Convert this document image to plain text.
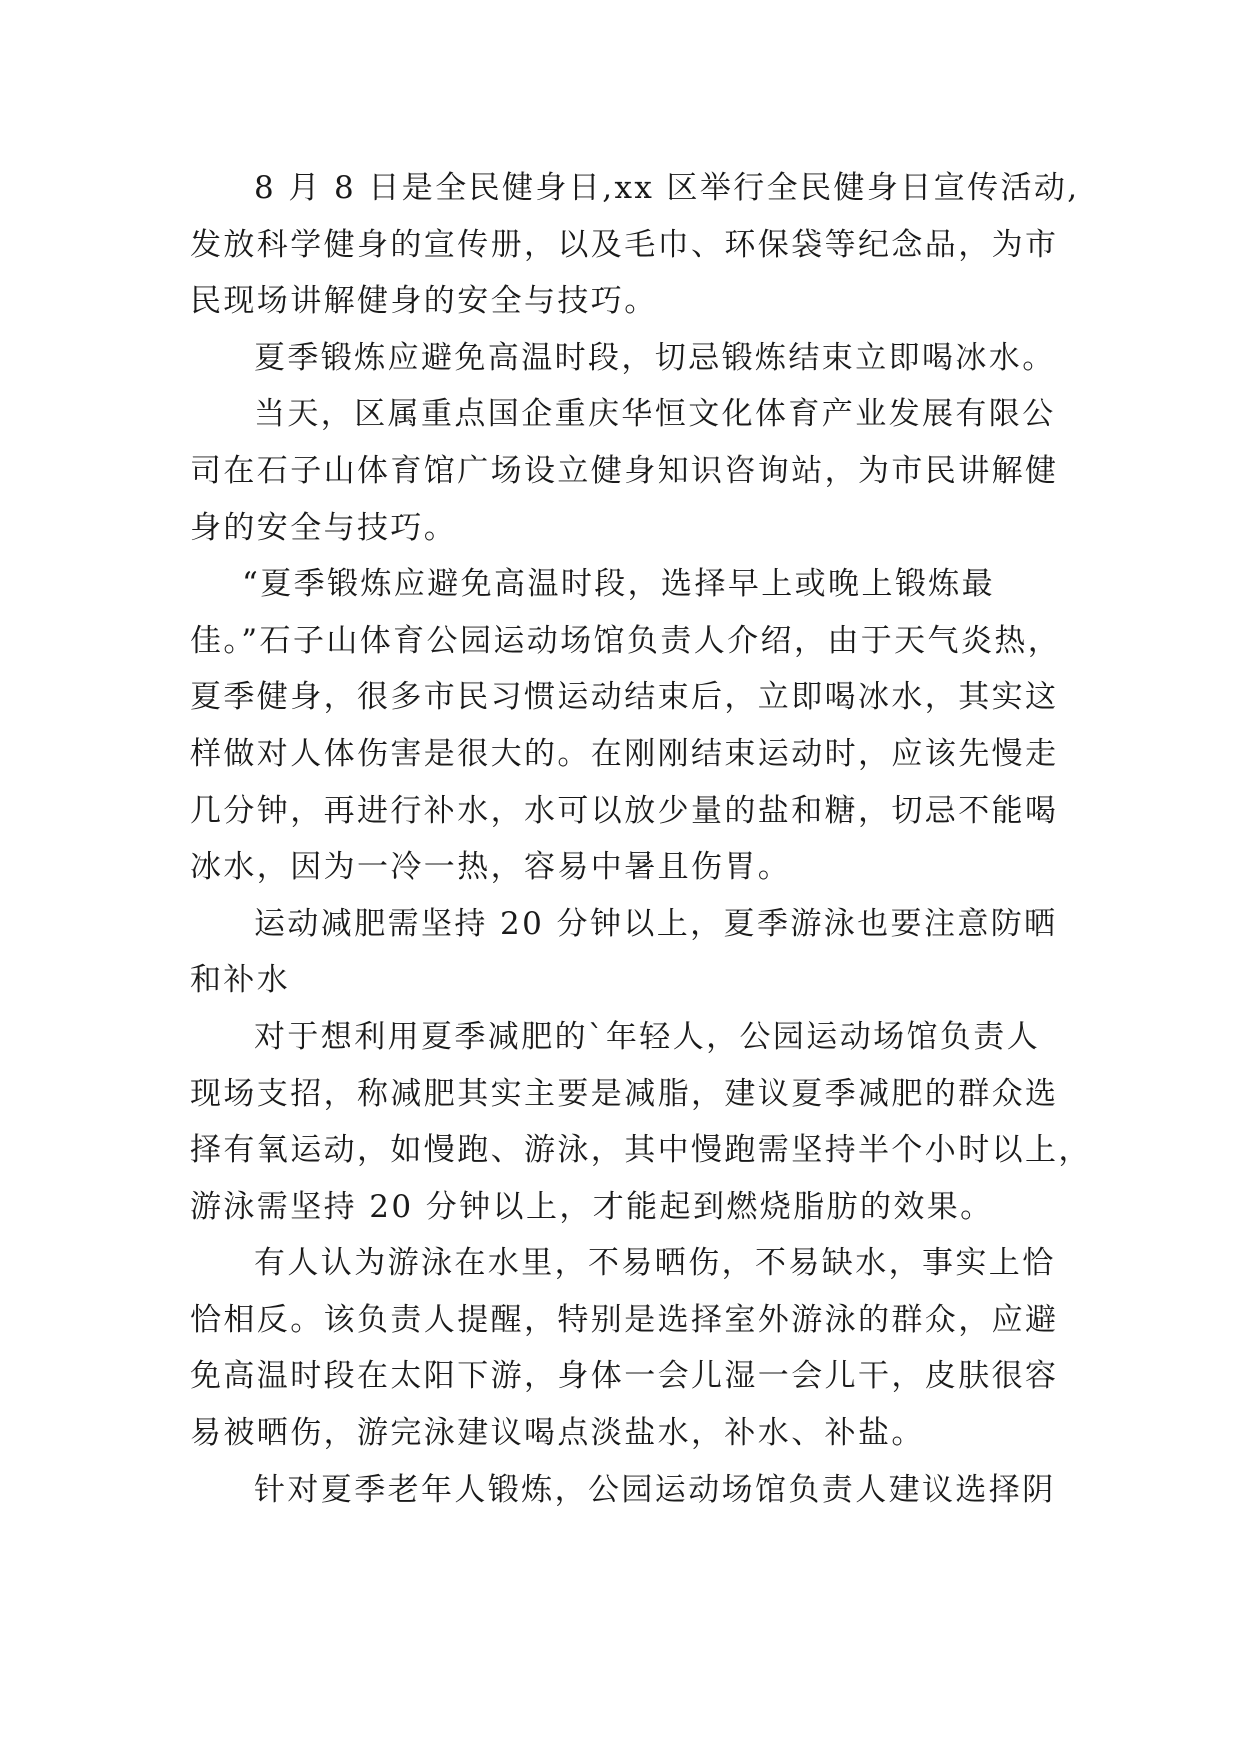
8 月 8 日是全民健身日,xx 区举行全民健身日宣传活动,
发放科学健身的宣传册，以及毛巾、环保袋等纪念品，为市
民现场讲解健身的安全与技巧。

夏季锻炼应避免高温时段，切忌锻炼结束立即喝冰水。

当天，区属重点国企重庆华恒文化体育产业发展有限公
司在石子山体育馆广场设立健身知识咨询站，为市民讲解健
身的安全与技巧。

“夏季锻炼应避免高温时段，选择早上或晚上锻炼最
佳。”石子山体育公园运动场馆负责人介绍，由于天气炎热，
夏季健身，很多市民习惯运动结束后，立即喝冰水，其实这
样做对人体伤害是很大的。在刚刚结束运动时，应该先慢走
几分钟，再进行补水，水可以放少量的盐和糖，切忌不能喝
冰水，因为一冷一热，容易中暑且伤胃。

运动减肥需坚持 20 分钟以上，夏季游泳也要注意防晒
和补水

对于想利用夏季减肥的`年轻人，公园运动场馆负责人
现场支招，称减肥其实主要是减脂，建议夏季减肥的群众选
择有氧运动，如慢跑、游泳，其中慢跑需坚持半个小时以上，
游泳需坚持 20 分钟以上，才能起到燃烧脂肪的效果。

有人认为游泳在水里，不易晒伤，不易缺水，事实上恰
恰相反。该负责人提醒，特别是选择室外游泳的群众，应避
免高温时段在太阳下游，身体一会儿湿一会儿干，皮肤很容
易被晒伤，游完泳建议喝点淡盐水，补水、补盐。

针对夏季老年人锻炼，公园运动场馆负责人建议选择阴
